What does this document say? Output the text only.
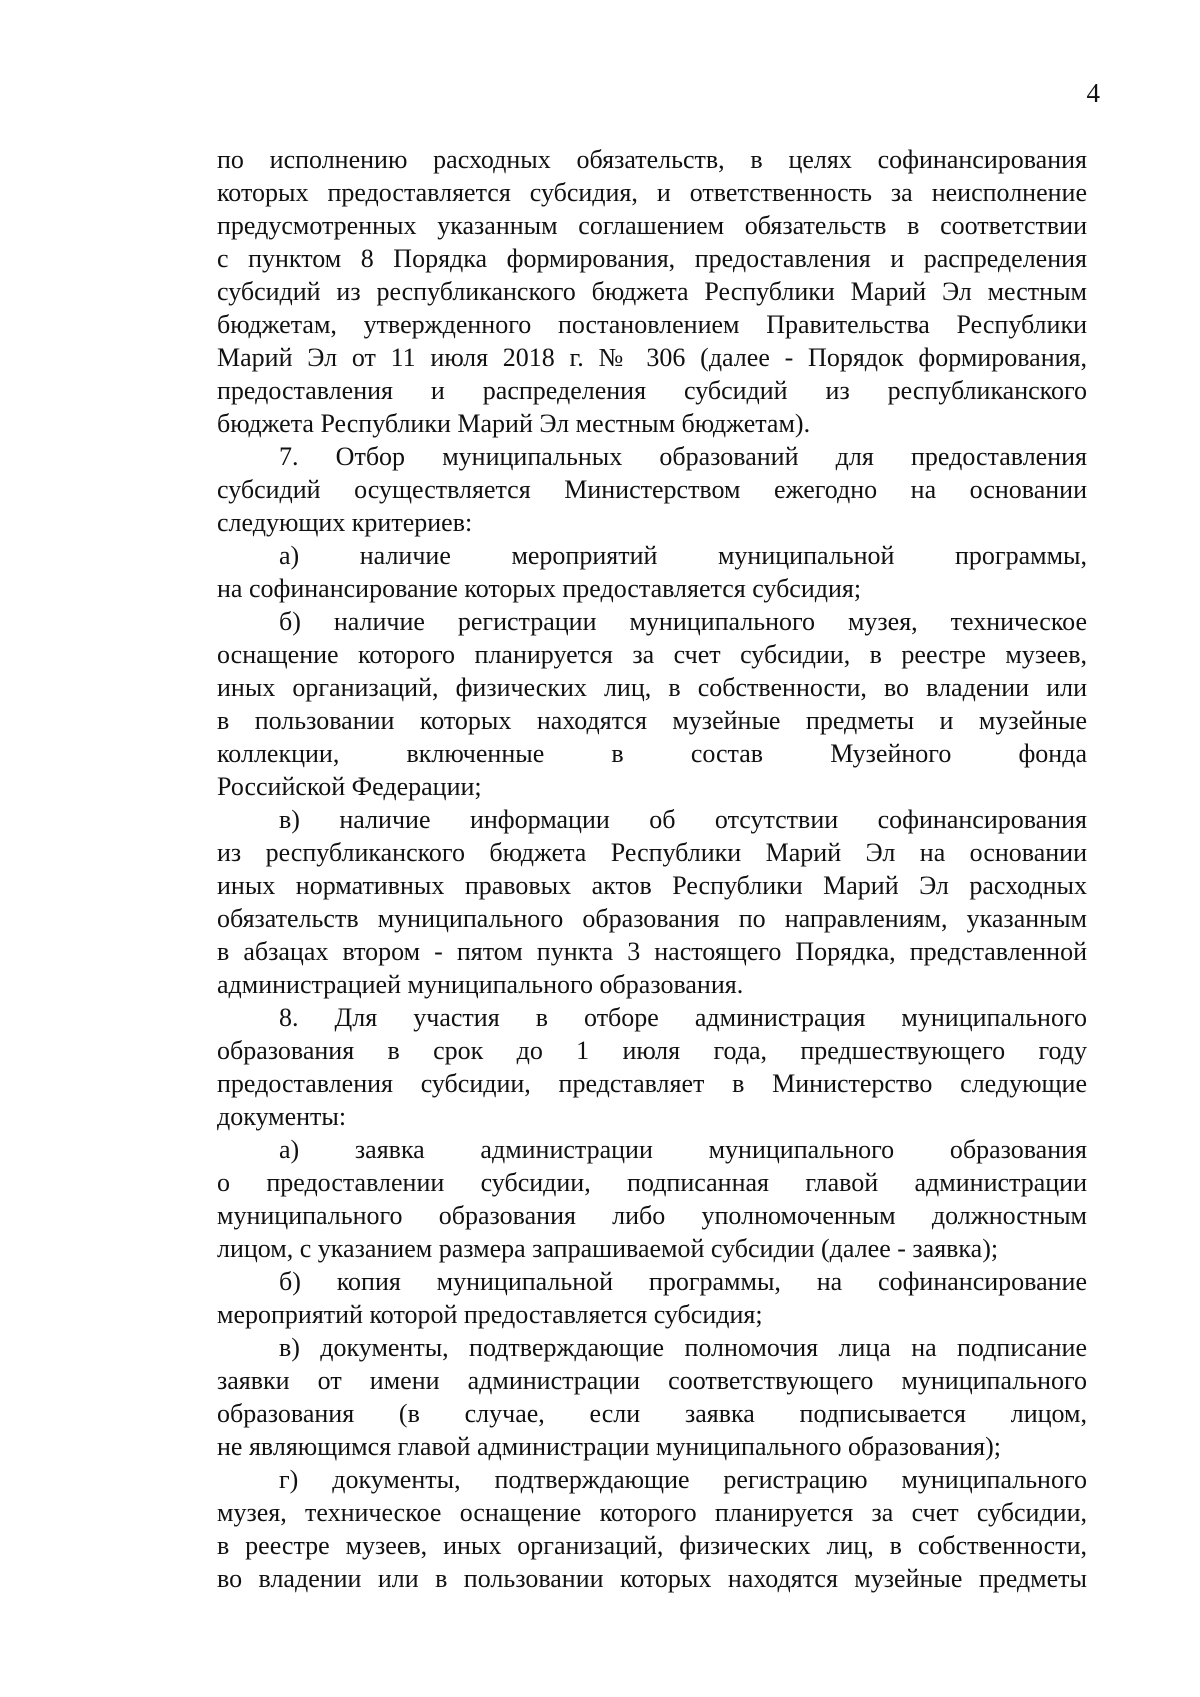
4
по исполнению расходных обязательств, в целях софинансирования
которых предоставляется субсидия, и ответственность за неисполнение
предусмотренных указанным соглашением обязательств в соответствии
с пунктом 8 Порядка формирования, предоставления и распределения
субсидий из республиканского бюджета Республики Марий Эл местным
бюджетам, утвержденного постановлением Правительства Республики
Марий Эл от 11 июля 2018 г. № 306 (далее - Порядок формирования,
предоставления и распределения субсидий из республиканского
бюджета Республики Марий Эл местным бюджетам).
7. Отбор муниципальных образований для предоставления
субсидий осуществляется Министерством ежегодно на основании
следующих критериев:
а) наличие мероприятий муниципальной программы,
на софинансирование которых предоставляется субсидия;
б) наличие регистрации муниципального музея, техническое
оснащение которого планируется за счет субсидии, в реестре музеев,
иных организаций, физических лиц, в собственности, во владении или
в пользовании которых находятся музейные предметы и музейные
коллекции, включенные в состав Музейного фонда
Российской Федерации;
в) наличие информации об отсутствии софинансирования
из республиканского бюджета Республики Марий Эл на основании
иных нормативных правовых актов Республики Марий Эл расходных
обязательств муниципального образования по направлениям, указанным
в абзацах втором - пятом пункта 3 настоящего Порядка, представленной
администрацией муниципального образования.
8. Для участия в отборе администрация муниципального
образования в срок до 1 июля года, предшествующего году
предоставления субсидии, представляет в Министерство следующие
документы:
а) заявка администрации муниципального образования
о предоставлении субсидии, подписанная главой администрации
муниципального образования либо уполномоченным должностным
лицом, с указанием размера запрашиваемой субсидии (далее - заявка);
б) копия муниципальной программы, на софинансирование
мероприятий которой предоставляется субсидия;
в) документы, подтверждающие полномочия лица на подписание
заявки от имени администрации соответствующего муниципального
образования (в случае, если заявка подписывается лицом,
не являющимся главой администрации муниципального образования);
г) документы, подтверждающие регистрацию муниципального
музея, техническое оснащение которого планируется за счет субсидии,
в реестре музеев, иных организаций, физических лиц, в собственности,
во владении или в пользовании которых находятся музейные предметы
